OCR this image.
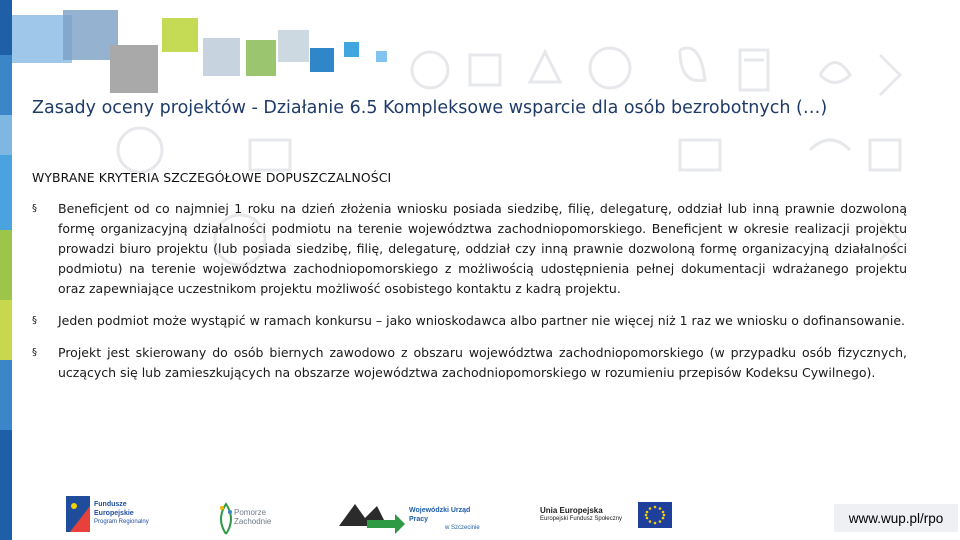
Zasady oceny projektów - Działanie 6.5 Kompleksowe wsparcie dla osób bezrobotnych (…)
WYBRANE KRYTERIA SZCZEGÓŁOWE DOPUSZCZALNOŚCI
§	Beneficjent od co najmniej 1 roku na dzień złożenia wniosku posiada siedzibę, filię, delegaturę, oddział lub inną prawnie dozwoloną formę organizacyjną działalności podmiotu na terenie województwa zachodniopomorskiego. Beneficjent w okresie realizacji projektu prowadzi biuro projektu (lub posiada siedzibę, filię, delegaturę, oddział czy inną prawnie dozwoloną formę organizacyjną działalności podmiotu) na terenie województwa zachodniopomorskiego z możliwością udostępnienia pełnej dokumentacji wdrażanego projektu oraz zapewniające uczestnikom projektu możliwość osobistego kontaktu z kadrą projektu.
§	Jeden podmiot może wystąpić w ramach konkursu – jako wnioskodawca albo partner nie więcej niż 1 raz we wniosku o dofinansowanie.
§	Projekt jest skierowany do osób biernych zawodowo z obszaru województwa zachodniopomorskiego (w przypadku osób fizycznych, uczących się lub zamieszkujących na obszarze województwa zachodniopomorskiego w rozumieniu przepisów Kodeksu Cywilnego).
Fundusze
Europejskie
Program Regionalny
Pomorze
Zachodnie
Wojewódzki Urząd Pracy
w Szczecinie
Unia Europejska
Europejski Fundusz Społeczny	www.wup.pl/rpo
